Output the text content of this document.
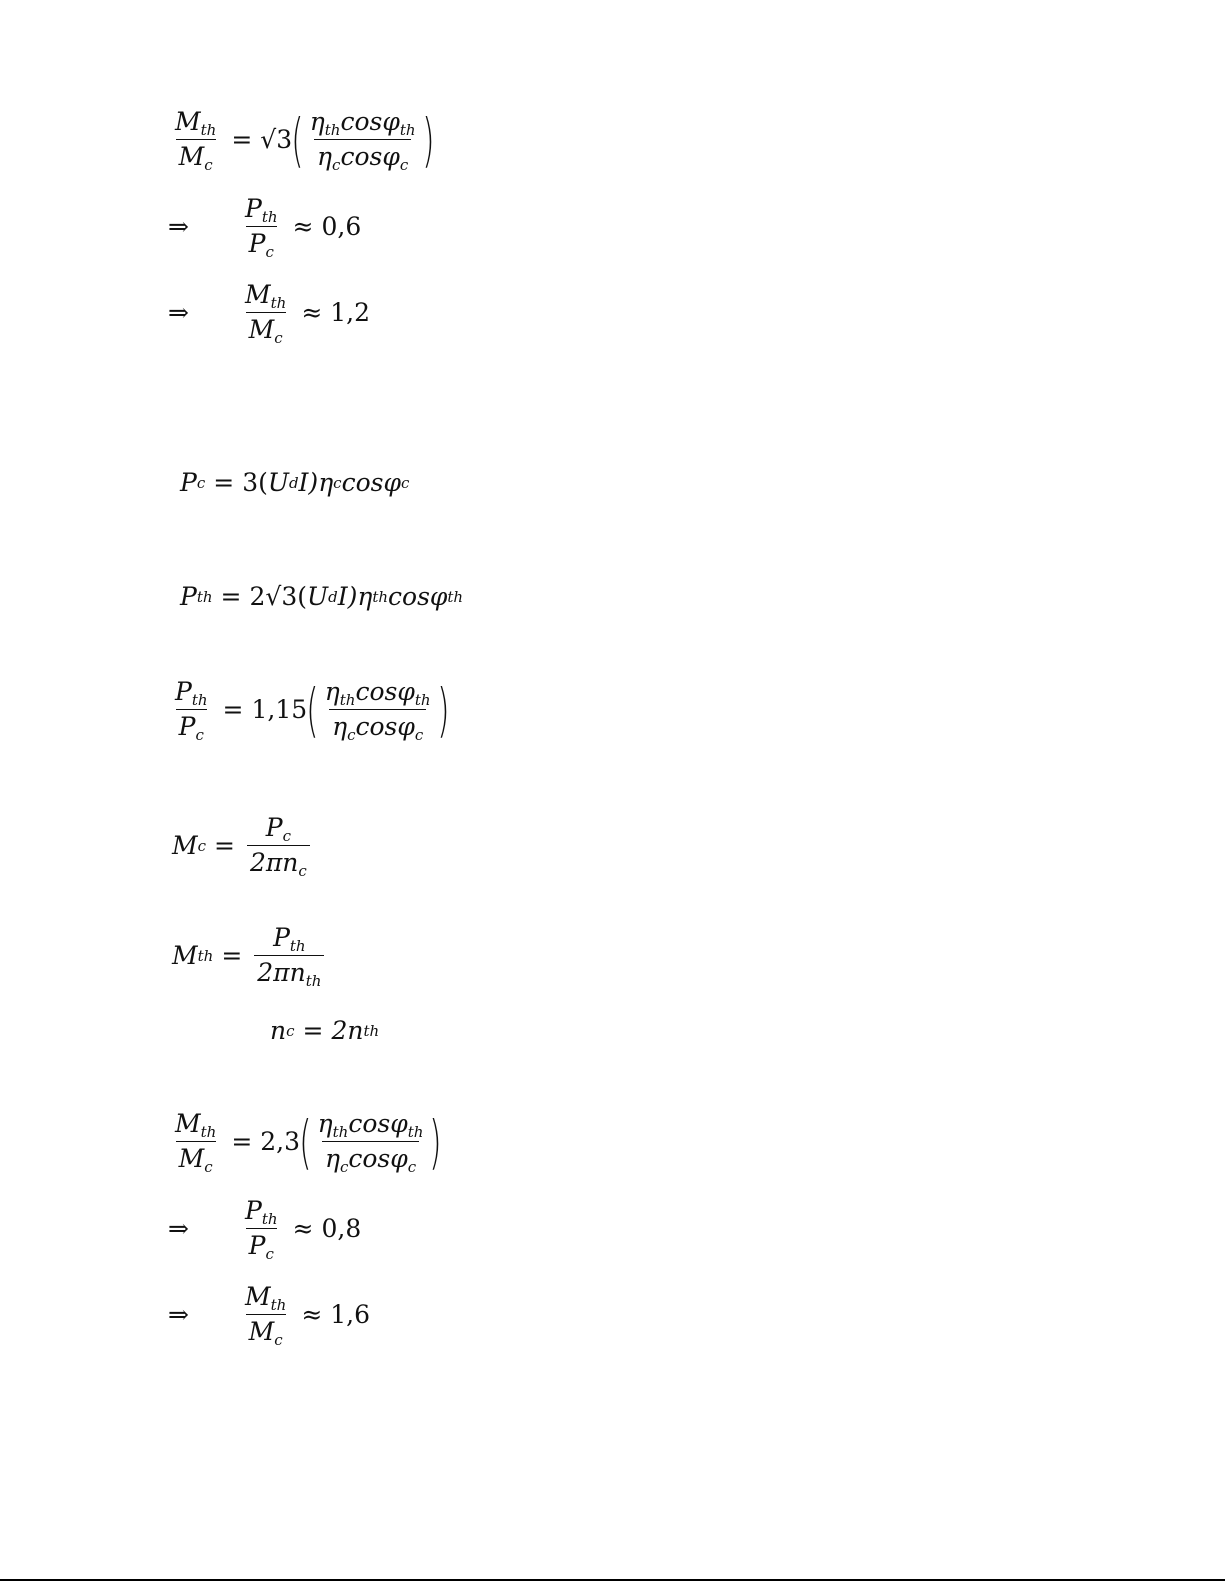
$\frac{M_{th}}{M_c} = √3$ ( $\frac{\eta_{th}\cos\varphi_{th}}{\eta_c\cos\varphi_c}$ )
⇒	$\frac{P_{th}}{P_c} \approx 0,6$
⇒	$\frac{M_{th}}{M_c} \approx 1,2$
P c = 3( U d I) η c cosφ c
P th = 2√3 ( U d I) η th cosφ th
$\frac{P_{th}}{P_c} = 1,15$ ( $\frac{\eta_{th}\cos\varphi_{th}}{\eta_c\cos\varphi_c}$ )
M $c = \frac{P_c}{2\pi n_c}$
M th = $\frac{P_{th}}{2\pi n_{th}}$
n c = 2n th
$\frac{M_{th}}{M_c} = 2,3$ ( $\frac{\eta_{th}\cos\varphi_{th}}{\eta_c\cos\varphi_c}$ )
⇒	$\frac{P_{th}}{P_c} \approx 0,8$
⇒	$\frac{M_{th}}{M_c} \approx 1,6$
